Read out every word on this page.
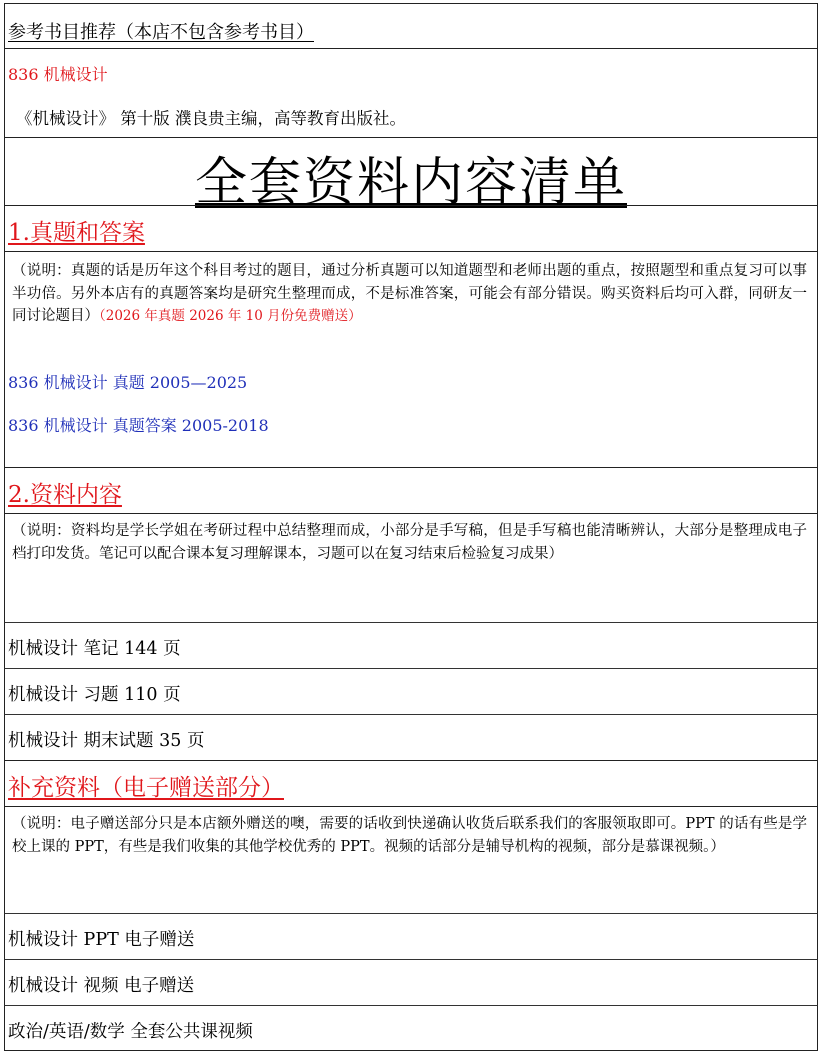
参考书目推荐（本店不包含参考书目）
836 机械设计
《机械设计》 第十版 濮良贵主编，高等教育出版社。
全套资料内容清单
1.真题和答案
（说明：真题的话是历年这个科目考过的题目，通过分析真题可以知道题型和老师出题的重点，按照题型和重点复习可以事半功倍。另外本店有的真题答案均是研究生整理而成，不是标准答案，可能会有部分错误。购买资料后均可入群，同研友一同讨论题目）（2026 年真题 2026 年 10 月份免费赠送）
836 机械设计 真题 2005—2025
836 机械设计 真题答案 2005-2018
2.资料内容
（说明：资料均是学长学姐在考研过程中总结整理而成，小部分是手写稿，但是手写稿也能清晰辨认，大部分是整理成电子档打印发货。笔记可以配合课本复习理解课本，习题可以在复习结束后检验复习成果）
机械设计 笔记 144 页
机械设计 习题 110 页
机械设计 期末试题 35 页
补充资料（电子赠送部分）
（说明：电子赠送部分只是本店额外赠送的噢，需要的话收到快递确认收货后联系我们的客服领取即可。PPT 的话有些是学校上课的 PPT，有些是我们收集的其他学校优秀的 PPT。视频的话部分是辅导机构的视频，部分是慕课视频。）
机械设计 PPT 电子赠送
机械设计 视频 电子赠送
政治/英语/数学 全套公共课视频
